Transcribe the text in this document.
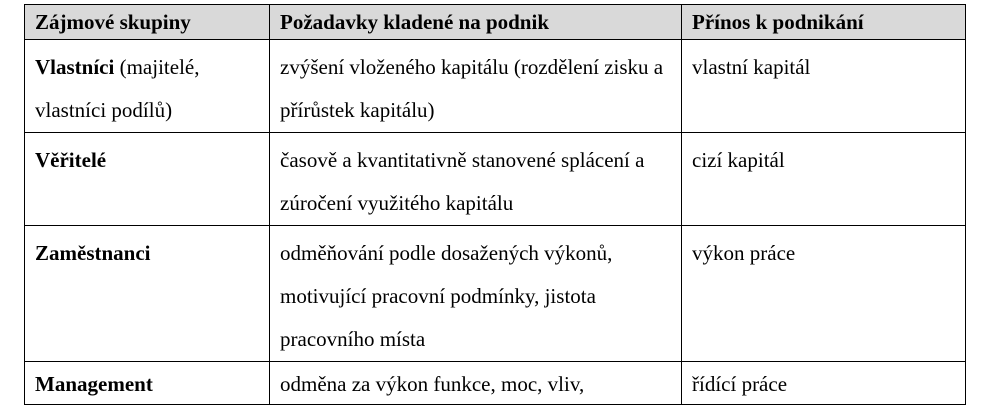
Zájmové skupiny	Požadavky kladené na podnik	Přínos k podnikání
Vlastníci (majitelé, vlastníci podílů)	zvýšení vloženého kapitálu (rozdělení zisku a přírůstek kapitálu)	vlastní kapitál
Věřitelé	časově a kvantitativně stanovené splácení a zúročení využitého kapitálu	cizí kapitál
Zaměstnanci	odměňování podle dosažených výkonů, motivující pracovní podmínky, jistota pracovního místa	výkon práce
Management	odměna za výkon funkce, moc, vliv,	řídící práce
